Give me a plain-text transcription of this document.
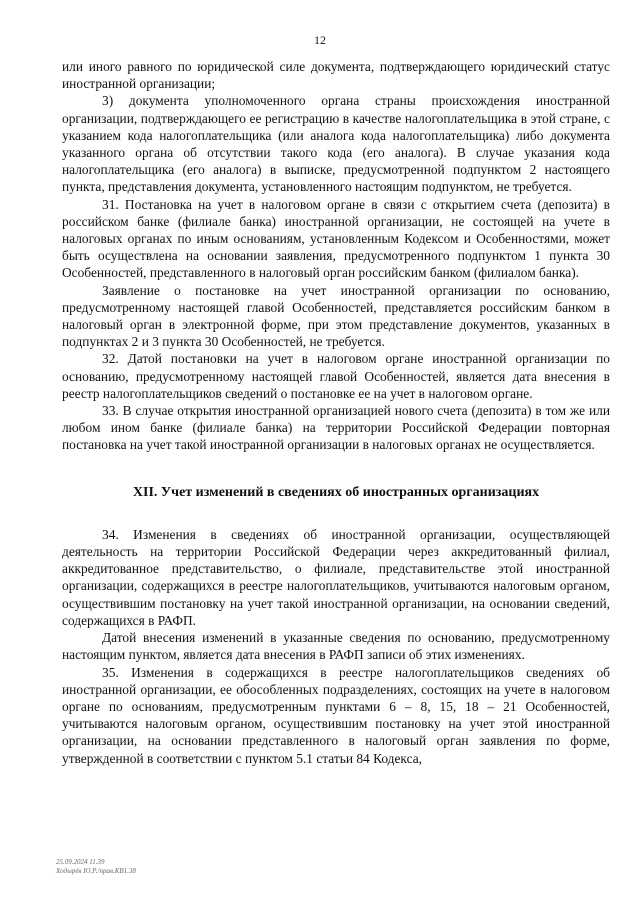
12

или иного равного по юридической силе документа, подтверждающего юридический статус иностранной организации;

3) документа уполномоченного органа страны происхождения иностранной организации, подтверждающего ее регистрацию в качестве налогоплательщика в этой стране, с указанием кода налогоплательщика (или аналога кода налогоплательщика) либо документа указанного органа об отсутствии такого кода (его аналога). В случае указания кода налогоплательщика (его аналога) в выписке, предусмотренной подпунктом 2 настоящего пункта, представления документа, установленного настоящим подпунктом, не требуется.

31. Постановка на учет в налоговом органе в связи с открытием счета (депозита) в российском банке (филиале банка) иностранной организации, не состоящей на учете в налоговых органах по иным основаниям, установленным Кодексом и Особенностями, может быть осуществлена на основании заявления, предусмотренного подпунктом 1 пункта 30 Особенностей, представленного в налоговый орган российским банком (филиалом банка).

Заявление о постановке на учет иностранной организации по основанию, предусмотренному настоящей главой Особенностей, представляется российским банком в налоговый орган в электронной форме, при этом представление документов, указанных в подпунктах 2 и 3 пункта 30 Особенностей, не требуется.

32. Датой постановки на учет в налоговом органе иностранной организации по основанию, предусмотренному настоящей главой Особенностей, является дата внесения в реестр налогоплательщиков сведений о постановке ее на учет в налоговом органе.

33. В случае открытия иностранной организацией нового счета (депозита) в том же или любом ином банке (филиале банка) на территории Российской Федерации повторная постановка на учет такой иностранной организации в налоговых органах не осуществляется.

XII. Учет изменений в сведениях об иностранных организациях

34. Изменения в сведениях об иностранной организации, осуществляющей деятельность на территории Российской Федерации через аккредитованный филиал, аккредитованное представительство, о филиале, представительстве этой иностранной организации, содержащихся в реестре налогоплательщиков, учитываются налоговым органом, осуществившим постановку на учет такой иностранной организации, на основании сведений, содержащихся в РАФП.

Датой внесения изменений в указанные сведения по основанию, предусмотренному настоящим пунктом, является дата внесения в РАФП записи об этих изменениях.

35. Изменения в содержащихся в реестре налогоплательщиков сведениях об иностранной организации, ее обособленных подразделениях, состоящих на учете в налоговом органе по основаниям, предусмотренным пунктами 6 – 8, 15, 18 – 21 Особенностей, учитываются налоговым органом, осуществившим постановку на учет этой иностранной организации, на основании представленного в налоговый орган заявления по форме, утвержденной в соответствии с пунктом 5.1 статьи 84 Кодекса,

25.09.2024 11.39
Ходырёв Ю.Р./прав.КВ1.38
